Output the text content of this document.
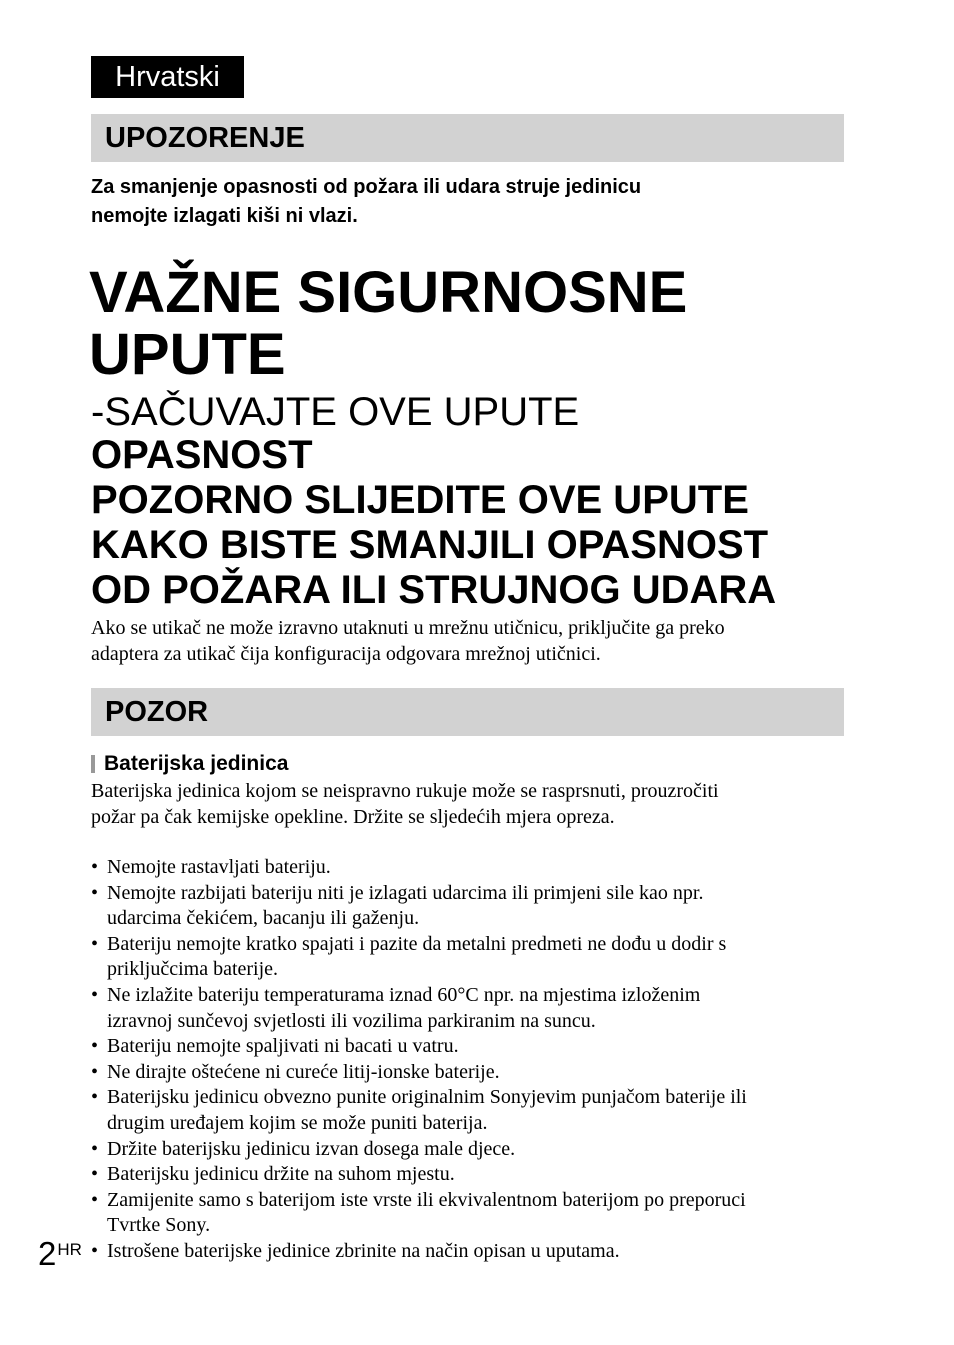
Hrvatski
UPOZORENJE
Za smanjenje opasnosti od požara ili udara struje jedinicu
nemojte izlagati kiši ni vlazi.
VAŽNE SIGURNOSNE
UPUTE
-SAČUVAJTE OVE UPUTE
OPASNOST
POZORNO SLIJEDITE OVE UPUTE
KAKO BISTE SMANJILI OPASNOST
OD POŽARA ILI STRUJNOG UDARA
Ako se utikač ne može izravno utaknuti u mrežnu utičnicu, priključite ga preko
adaptera za utikač čija konfiguracija odgovara mrežnoj utičnici.
POZOR
Baterijska jedinica
Baterijska jedinica kojom se neispravno rukuje može se rasprsnuti, prouzročiti
požar pa čak kemijske opekline. Držite se sljedećih mjera opreza.
• Nemojte rastavljati bateriju.
• Nemojte razbijati bateriju niti je izlagati udarcima ili primjeni sile kao npr.
udarcima čekićem, bacanju ili gaženju.
• Bateriju nemojte kratko spajati i pazite da metalni predmeti ne dođu u dodir s
priključcima baterije.
• Ne izlažite bateriju temperaturama iznad 60°C npr. na mjestima izloženim
izravnoj sunčevoj svjetlosti ili vozilima parkiranim na suncu.
• Bateriju nemojte spaljivati ni bacati u vatru.
• Ne dirajte oštećene ni cureće litij-ionske baterije.
• Baterijsku jedinicu obvezno punite originalnim Sonyjevim punjačom baterije ili
drugim uređajem kojim se može puniti baterija.
• Držite baterijsku jedinicu izvan dosega male djece.
• Baterijsku jedinicu držite na suhom mjestu.
• Zamijenite samo s baterijom iste vrste ili ekvivalentnom baterijom po preporuci
Tvrtke Sony.
• Istrošene baterijske jedinice zbrinite na način opisan u uputama.
2 HR
